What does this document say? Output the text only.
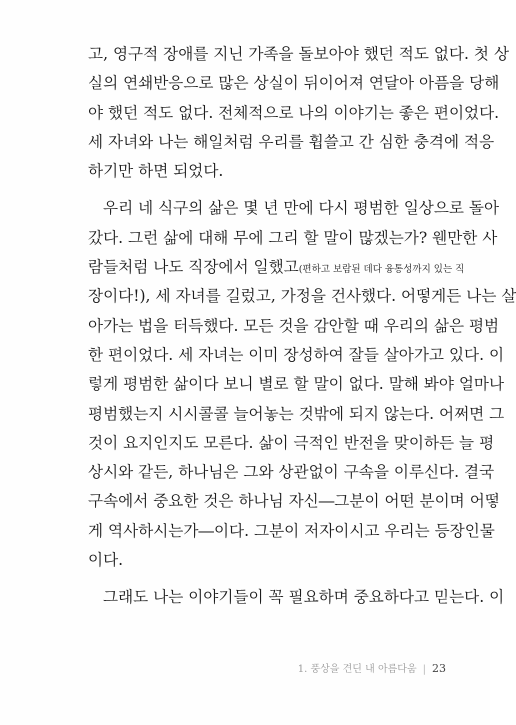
고, 영구적 장애를 지닌 가족을 돌보아야 했던 적도 없다. 첫 상
실의 연쇄반응으로 많은 상실이 뒤이어져 연달아 아픔을 당해
야 했던 적도 없다. 전체적으로 나의 이야기는 좋은 편이었다.
세 자녀와 나는 해일처럼 우리를 휩쓸고 간 심한 충격에 적응
하기만 하면 되었다.
우리 네 식구의 삶은 몇 년 만에 다시 평범한 일상으로 돌아
갔다. 그런 삶에 대해 무에 그리 할 말이 많겠는가? 웬만한 사
람들처럼 나도 직장에서 일했고(편하고 보람된 데다 융통성까지 있는 직
장이다!), 세 자녀를 길렀고, 가정을 건사했다. 어떻게든 나는 살
아가는 법을 터득했다. 모든 것을 감안할 때 우리의 삶은 평범
한 편이었다. 세 자녀는 이미 장성하여 잘들 살아가고 있다. 이
렇게 평범한 삶이다 보니 별로 할 말이 없다. 말해 봐야 얼마나
평범했는지 시시콜콜 늘어놓는 것밖에 되지 않는다. 어쩌면 그
것이 요지인지도 모른다. 삶이 극적인 반전을 맞이하든 늘 평
상시와 같든, 하나님은 그와 상관없이 구속을 이루신다. 결국
구속에서 중요한 것은 하나님 자신―그분이 어떤 분이며 어떻
게 역사하시는가―이다. 그분이 저자이시고 우리는 등장인물
이다.
그래도 나는 이야기들이 꼭 필요하며 중요하다고 믿는다. 이
1. 풍상을 견딘 내 아름다움 | 23
